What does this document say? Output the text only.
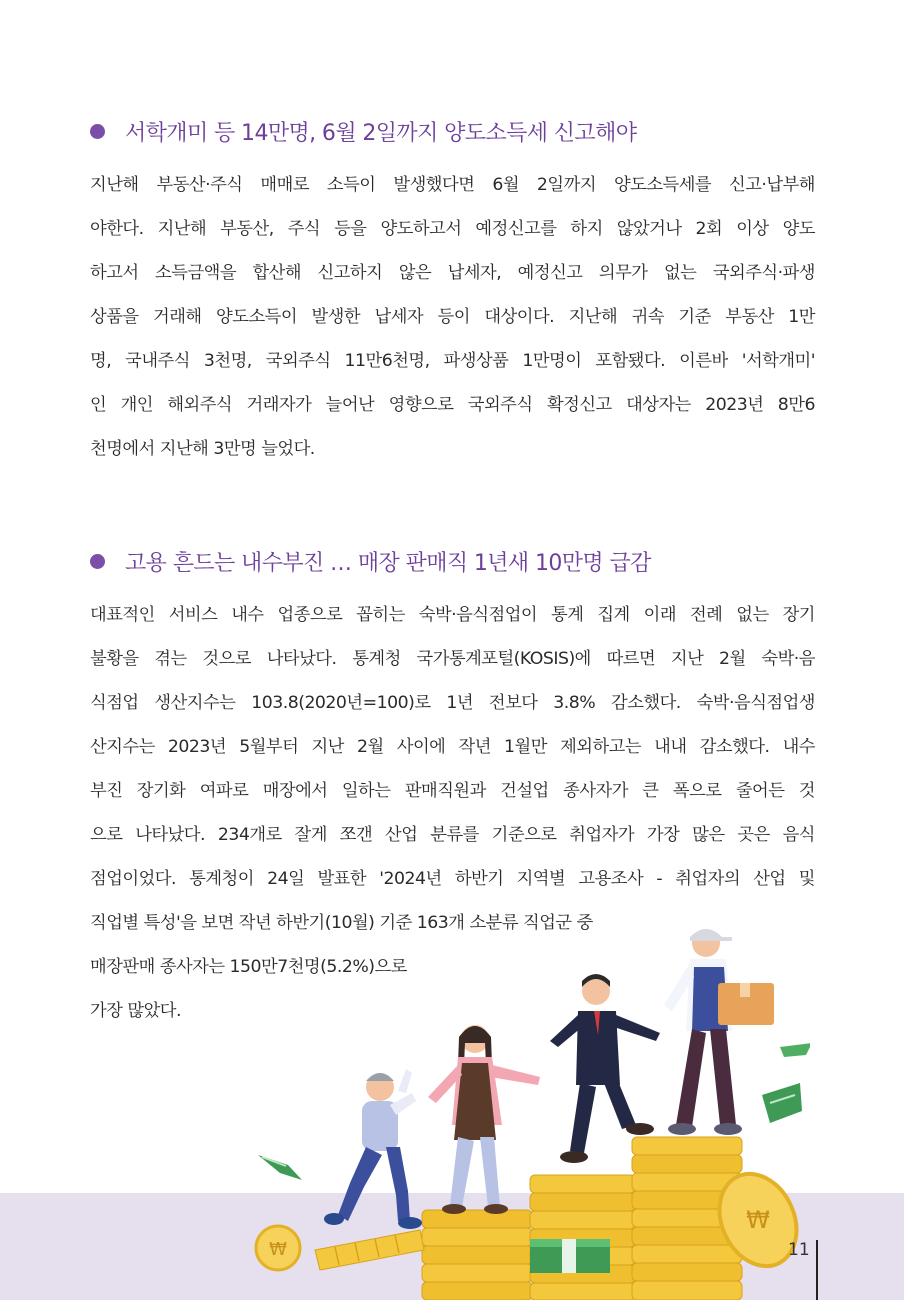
서학개미 등 14만명, 6월 2일까지 양도소득세 신고해야
지난해 부동산·주식 매매로 소득이 발생했다면 6월 2일까지 양도소득세를 신고·납부해
야한다. 지난해 부동산, 주식 등을 양도하고서 예정신고를 하지 않았거나 2회 이상 양도
하고서 소득금액을 합산해 신고하지 않은 납세자, 예정신고 의무가 없는 국외주식·파생
상품을 거래해 양도소득이 발생한 납세자 등이 대상이다. 지난해 귀속 기준 부동산 1만
명, 국내주식 3천명, 국외주식 11만6천명, 파생상품 1만명이 포함됐다. 이른바 '서학개미'
인 개인 해외주식 거래자가 늘어난 영향으로 국외주식 확정신고 대상자는 2023년 8만6
천명에서 지난해 3만명 늘었다.
고용 흔드는 내수부진 … 매장 판매직 1년새 10만명 급감
대표적인 서비스 내수 업종으로 꼽히는 숙박·음식점업이 통계 집계 이래 전례 없는 장기
불황을 겪는 것으로 나타났다. 통계청 국가통계포털(KOSIS)에 따르면 지난 2월 숙박·음
식점업 생산지수는 103.8(2020년=100)로 1년 전보다 3.8% 감소했다. 숙박·음식점업생
산지수는 2023년 5월부터 지난 2월 사이에 작년 1월만 제외하고는 내내 감소했다. 내수
부진 장기화 여파로 매장에서 일하는 판매직원과 건설업 종사자가 큰 폭으로 줄어든 것
으로 나타났다. 234개로 잘게 쪼갠 산업 분류를 기준으로 취업자가 가장 많은 곳은 음식
점업이었다. 통계청이 24일 발표한 '2024년 하반기 지역별 고용조사 - 취업자의 산업 및
직업별 특성'을 보면 작년 하반기(10월) 기준 163개 소분류 직업군 중
매장판매 종사자는 150만7천명(5.2%)으로
가장 많았다.
₩
₩
11
